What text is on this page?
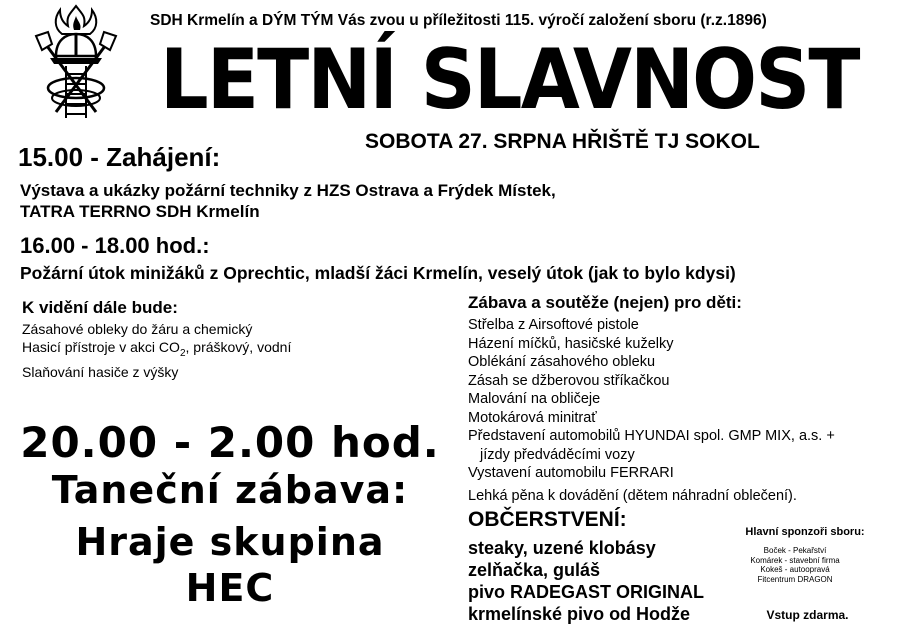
SDH Krmelín a DÝM TÝM Vás zvou u příležitosti 115. výročí založení sboru (r.z.1896)
LETNÍ SLAVNOST
SOBOTA 27. SRPNA HŘIŠTĚ TJ SOKOL
15.00 - Zahájení:
Výstava a ukázky požární techniky z HZS Ostrava a Frýdek Místek,
TATRA TERRNO SDH Krmelín
16.00 - 18.00 hod.:
Požární útok minižáků z Oprechtic, mladší žáci Krmelín, veselý útok (jak to bylo kdysi)
K vidění dále bude:
Zásahové obleky do žáru a chemický
Hasicí přístroje v akci $CO_2$, práškový, vodní
Slaňování hasiče z výšky
Zábava a soutěže (nejen) pro děti:
Střelba z Airsoftové pistole
Házení míčků, hasičské kuželky
Oblékání zásahového obleku
Zásah se džberovou stříkačkou
Malování na obličeje
Motokárová minitrať
Představení automobilů HYUNDAI spol. GMP MIX, a.s. +
jízdy předváděcími vozy
Vystavení automobilu FERRARI
Lehká pěna k dovádění (dětem náhradní oblečení).
20.00 - 2.00 hod.
Taneční zábava:
Hraje skupina
HEC
OBČERSTVENÍ:
steaky, uzené klobásy
zelňačka, guláš
pivo RADEGAST ORIGINAL
krmelínské pivo od Hodže
Hlavní sponzoři sboru:
Boček - Pekařství
Komárek - stavební firma
Kokeš - autoopravá
Fitcentrum DRAGON
Vstup zdarma.
